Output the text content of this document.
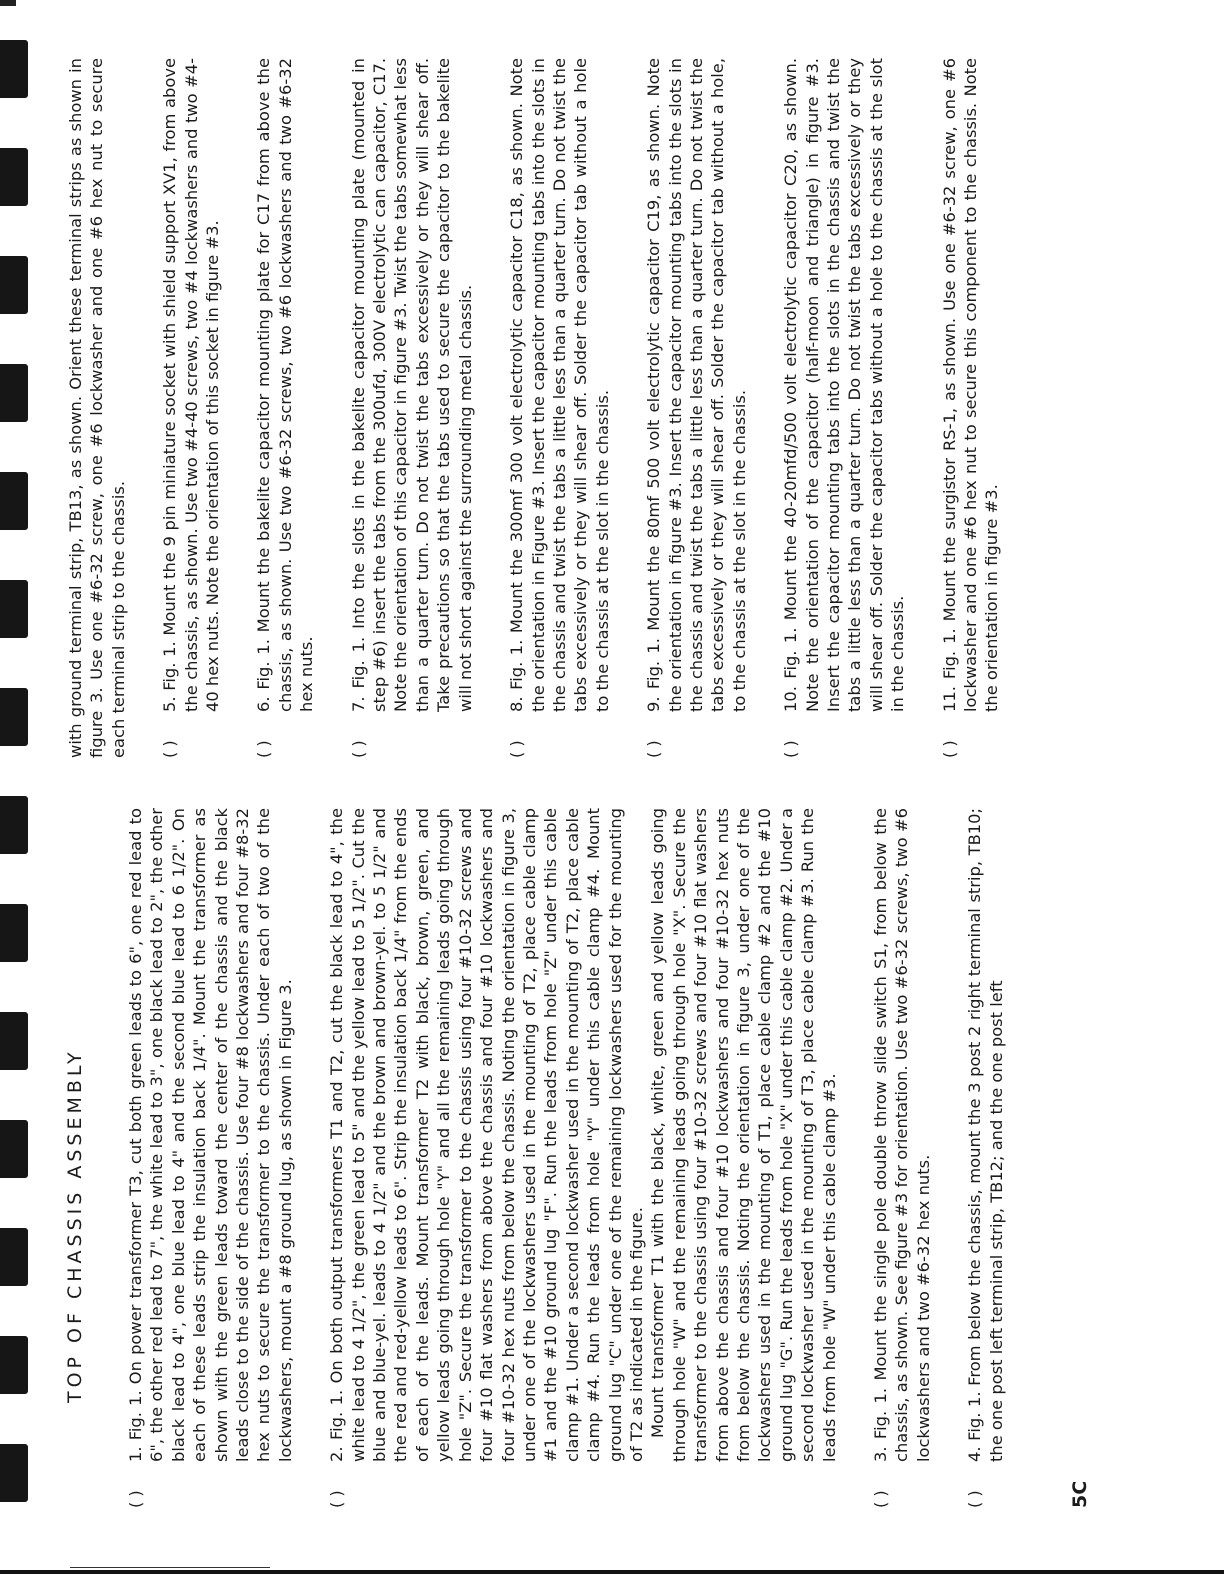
TOP OF CHASSIS ASSEMBLY
( )

1. Fig. 1. On power transformer T3, cut both green leads to 6", one red lead to 6", the other red lead to 7", the white lead to 3", one black lead to 2", the other black lead to 4", one blue lead to 4" and the second blue lead to 6 1/2". On each of these leads strip the insulation back 1/4". Mount the transformer as shown with the green leads toward the center of the chassis and the black leads close to the side of the chassis. Use four #8 lockwashers and four #8-32 hex nuts to secure the transformer to the chassis. Under each of two of the lockwashers, mount a #8 ground lug, as shown in Figure 3.

( )

2. Fig. 1. On both output transformers T1 and T2, cut the black lead to 4", the white lead to 4 1/2", the green lead to 5" and the yellow lead to 5 1/2". Cut the blue and blue-yel. leads to 4 1/2" and the brown and brown-yel. to 5 1/2" and the red and red-yellow leads to 6". Strip the insulation back 1/4" from the ends of each of the leads. Mount transformer T2 with black, brown, green, and yellow leads going through hole "Y" and all the remaining leads going through hole "Z". Secure the transformer to the chassis using four #10-32 screws and four #10 flat washers from above the chassis and four #10 lockwashers and four #10-32 hex nuts from below the chassis. Noting the orientation in figure 3, under one of the lockwashers used in the mounting of T2, place cable clamp #1 and the #10 ground lug "F". Run the leads from hole "Z" under this cable clamp #1. Under a second lockwasher used in the mounting of T2, place cable clamp #4. Run the leads from hole "Y" under this cable clamp #4. Mount ground lug "C" under one of the remaining lockwashers used for the mounting of T2 as indicated in the figure. Mount transformer T1 with the black, white, green and yellow leads going through hole "W" and the remaining leads going through hole "X". Secure the transformer to the chassis using four #10-32 screws and four #10 flat washers from above the chassis and four #10 lockwashers and four #10-32 hex nuts from below the chassis. Noting the orientation in figure 3, under one of the lockwashers used in the mounting of T1, place cable clamp #2 and the #10 ground lug "G". Run the leads from hole "X" under this cable clamp #2. Under a second lockwasher used in the mounting of T3, place cable clamp #3. Run the leads from hole "W" under this cable clamp #3.

( )

3. Fig. 1. Mount the single pole double throw slide switch S1, from below the chassis, as shown. See figure #3 for orientation. Use two #6-32 screws, two #6 lockwashers and two #6-32 hex nuts.

( )

4. Fig. 1. From below the chassis, mount the 3 post 2 right terminal strip, TB10; the one post left terminal strip, TB12; and the one post left

with ground terminal strip, TB13, as shown. Orient these terminal strips as shown in figure 3. Use one #6-32 screw, one #6 lockwasher and one #6 hex nut to secure each terminal strip to the chassis. ( )

5. Fig. 1. Mount the 9 pin miniature socket with shield support XV1, from above the chassis, as shown. Use two #4-40 screws, two #4 lockwashers and two #4-40 hex nuts. Note the orientation of this socket in figure #3.

( )

6. Fig. 1. Mount the bakelite capacitor mounting plate for C17 from above the chassis, as shown. Use two #6-32 screws, two #6 lockwashers and two #6-32 hex nuts.

( )

7. Fig. 1. Into the slots in the bakelite capacitor mounting plate (mounted in step #6) insert the tabs from the 300ufd, 300V electrolytic can capacitor, C17. Note the orientation of this capacitor in figure #3. Twist the tabs somewhat less than a quarter turn. Do not twist the tabs excessively or they will shear off. Take precautions so that the tabs used to secure the capacitor to the bakelite will not short against the surrounding metal chassis.

( )

8. Fig. 1. Mount the 300mf 300 volt electrolytic capacitor C18, as shown. Note the orientation in Figure #3. Insert the capacitor mounting tabs into the slots in the chassis and twist the tabs a little less than a quarter turn. Do not twist the tabs excessively or they will shear off. Solder the capacitor tab without a hole to the chassis at the slot in the chassis.

( )

9. Fig. 1. Mount the 80mf 500 volt electrolytic capacitor C19, as shown. Note the orientation in figure #3. Insert the capacitor mounting tabs into the slots in the chassis and twist the tabs a little less than a quarter turn. Do not twist the tabs excessively or they will shear off. Solder the capacitor tab without a hole, to the chassis at the slot in the chassis.

( )

10. Fig. 1. Mount the 40-20mfd/500 volt electrolytic capacitor C20, as shown. Note the orientation of the capacitor (half-moon and triangle) in figure #3. Insert the capacitor mounting tabs into the slots in the chassis and twist the tabs a little less than a quarter turn. Do not twist the tabs excessively or they will shear off. Solder the capacitor tabs without a hole to the chassis at the slot in the chassis.

( )

11. Fig. 1. Mount the surgistor RS-1, as shown. Use one #6-32 screw, one #6 lockwasher and one #6 hex nut to secure this component to the chassis. Note the orientation in figure #3.

5C
